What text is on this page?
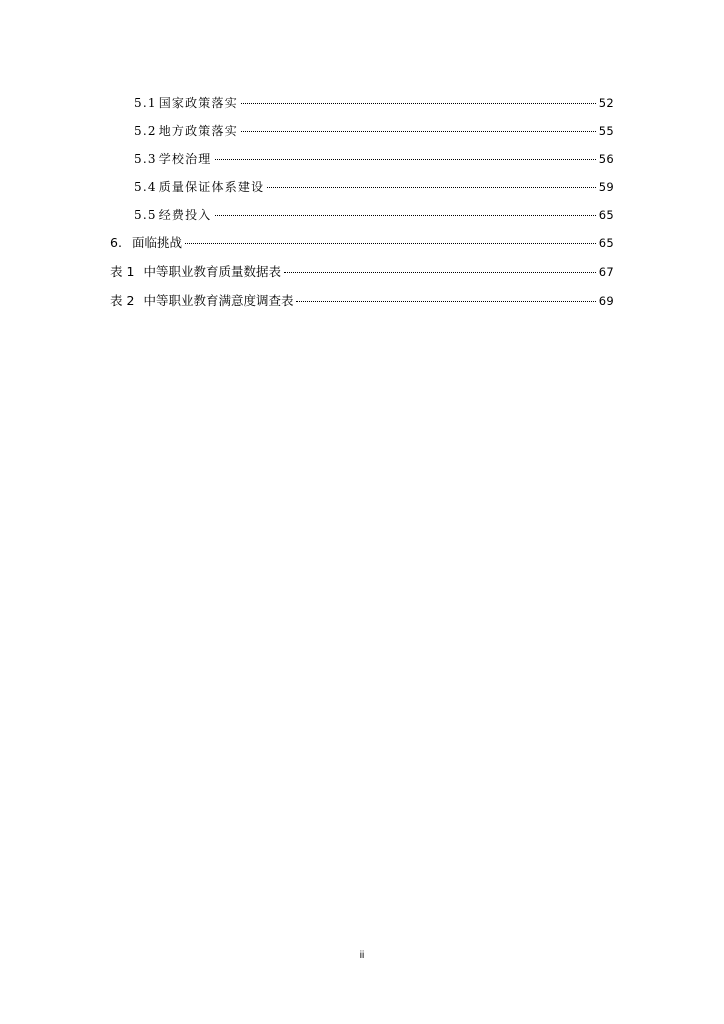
5.1 国家政策落实	52
5.2 地方政策落实	55
5.3 学校治理	56
5.4 质量保证体系建设	59
5.5 经费投入	65
6. 面临挑战	65
表 1 中等职业教育质量数据表	67
表 2 中等职业教育满意度调查表	69
ii
